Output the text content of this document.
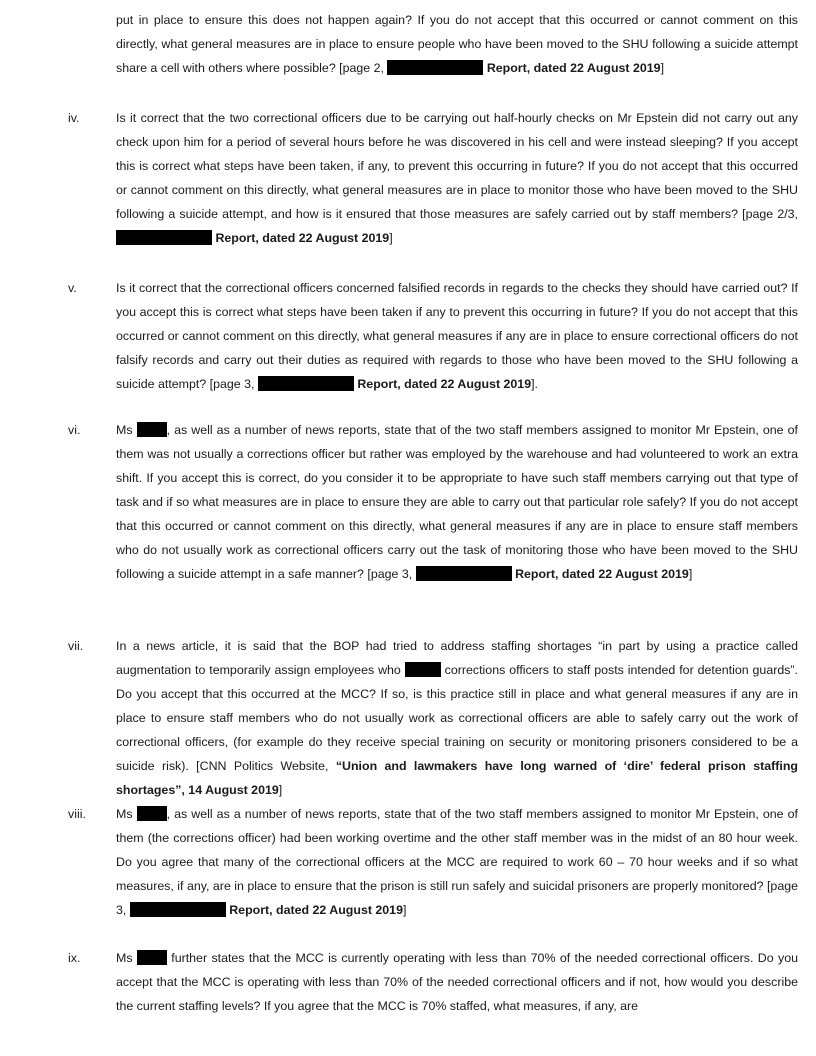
put in place to ensure this does not happen again? If you do not accept that this occurred or cannot comment on this directly, what general measures are in place to ensure people who have been moved to the SHU following a suicide attempt share a cell with others where possible? [page 2,	Report, dated 22 August 2019]
iv.	Is it correct that the two correctional officers due to be carrying out half-hourly checks on Mr Epstein did not carry out any check upon him for a period of several hours before he was discovered in his cell and were instead sleeping? If you accept this is correct what steps have been taken, if any, to prevent this occurring in future? If you do not accept that this occurred or cannot comment on this directly, what general measures are in place to monitor those who have been moved to the SHU following a suicide attempt, and how is it ensured that those measures are safely carried out by staff members? [page 2/3,  Report, dated 22 August 2019]
v.	Is it correct that the correctional officers concerned falsified records in regards to the checks they should have carried out? If you accept this is correct what steps have been taken if any to prevent this occurring in future? If you do not accept that this occurred or cannot comment on this directly, what general measures if any are in place to ensure correctional officers do not falsify records and carry out their duties as required with regards to those who have been moved to the SHU following a suicide attempt? [page 3,	Report, dated 22 August 2019].
vi.	Ms , as well as a number of news reports, state that of the two staff members assigned to monitor Mr Epstein, one of them was not usually a corrections officer but rather was employed by the warehouse and had volunteered to work an extra shift. If you accept this is correct, do you consider it to be appropriate to have such staff members carrying out that type of task and if so what measures are in place to ensure they are able to carry out that particular role safely? If you do not accept that this occurred or cannot comment on this directly, what general measures if any are in place to ensure staff members who do not usually work as correctional officers carry out the task of monitoring those who have been moved to the SHU following a suicide attempt in a safe manner? [page 3,	Report, dated 22 August 2019]
vii.	In a news article, it is said that the BOP had tried to address staffing shortages “in part by using a practice called augmentation to temporarily assign employees who	corrections officers to staff posts intended for detention guards”. Do you accept that this occurred at the MCC? If so, is this practice still in place and what general measures if any are in place to ensure staff members who do not usually work as correctional officers are able to safely carry out the work of correctional officers, (for example do they receive special training on security or monitoring prisoners considered to be a suicide risk). [CNN Politics Website, “Union and lawmakers have long warned of ‘dire’ federal prison staffing shortages”, 14 August 2019]
viii.	Ms , as well as a number of news reports, state that of the two staff members assigned to monitor Mr Epstein, one of them (the corrections officer) had been working overtime and the other staff member was in the midst of an 80 hour week. Do you agree that many of the correctional officers at the MCC are required to work 60 – 70 hour weeks and if so what measures, if any, are in place to ensure that the prison is still run safely and suicidal prisoners are properly monitored? [page 3,	Report, dated 22 August 2019]
ix.	Ms  further states that the MCC is currently operating with less than 70% of the needed correctional officers. Do you accept that the MCC is operating with less than 70% of the needed correctional officers and if not, how would you describe the current staffing levels? If you agree that the MCC is 70% staffed, what measures, if any, are
